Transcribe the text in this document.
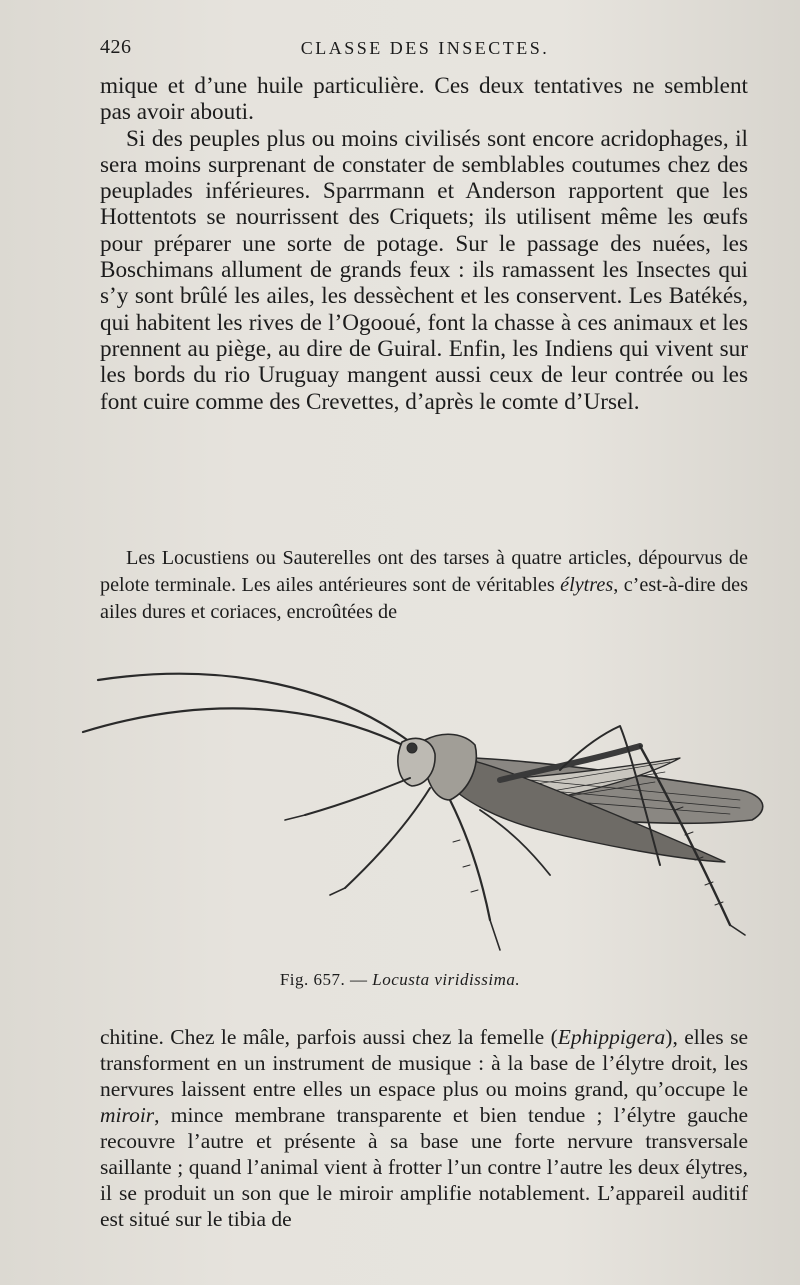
426	CLASSE DES INSECTES.

mique et d’une huile particulière. Ces deux tentatives ne semblent pas avoir abouti.

Si des peuples plus ou moins civilisés sont encore acridophages, il sera moins surprenant de constater de semblables coutumes chez des peuplades inférieures. Sparrmann et Anderson rapportent que les Hottentots se nourrissent des Criquets; ils utilisent même les œufs pour préparer une sorte de potage. Sur le passage des nuées, les Boschimans allument de grands feux : ils ramassent les Insectes qui s’y sont brûlé les ailes, les dessèchent et les conservent. Les Batékés, qui habitent les rives de l’Ogooué, font la chasse à ces animaux et les prennent au piège, au dire de Guiral. Enfin, les Indiens qui vivent sur les bords du rio Uruguay mangent aussi ceux de leur contrée ou les font cuire comme des Crevettes, d’après le comte d’Ursel.

Les Locustiens ou Sauterelles ont des tarses à quatre articles, dépourvus de pelote terminale. Les ailes antérieures sont de véritables élytres, c’est-à-dire des ailes dures et coriaces, encroûtées de

Fig. 657. — Locusta viridissima.

chitine. Chez le mâle, parfois aussi chez la femelle (Ephippigera), elles se transforment en un instrument de musique : à la base de l’élytre droit, les nervures laissent entre elles un espace plus ou moins grand, qu’occupe le miroir, mince membrane transparente et bien tendue ; l’élytre gauche recouvre l’autre et présente à sa base une forte nervure transversale saillante ; quand l’animal vient à frotter l’un contre l’autre les deux élytres, il se produit un son que le miroir amplifie notablement. L’appareil auditif est situé sur le tibia de
